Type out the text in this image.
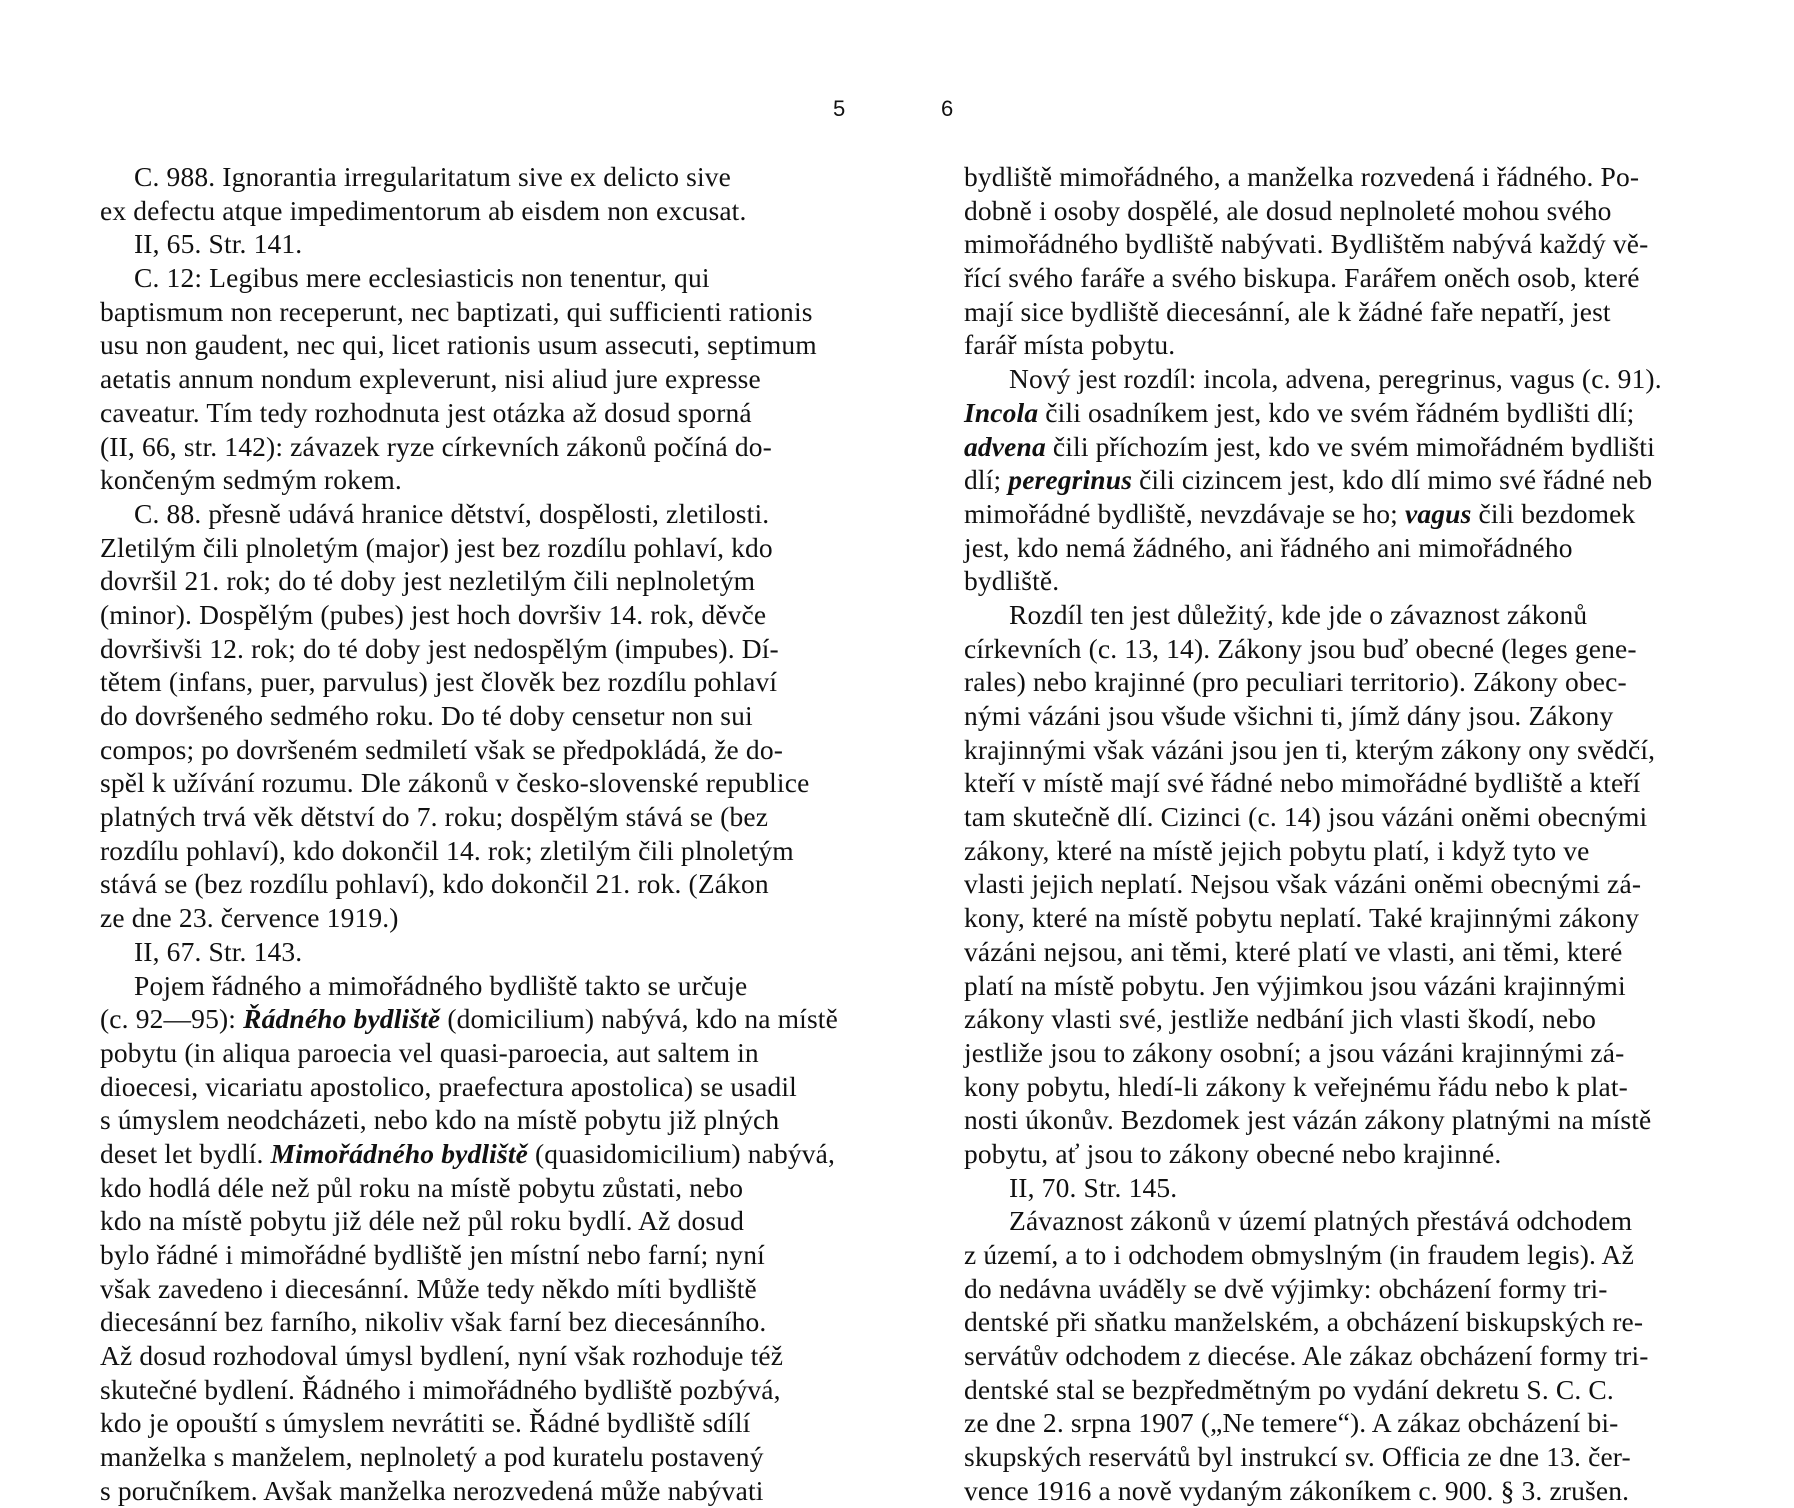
5
C. 988. Ignorantia irregularitatum sive ex delicto sive
ex defectu atque impedimentorum ab eisdem non excusat.
II, 65. Str. 141.
C. 12: Legibus mere ecclesiasticis non tenentur, qui
baptismum non receperunt, nec baptizati, qui sufficienti rationis
usu non gaudent, nec qui, licet rationis usum assecuti, septimum
aetatis annum nondum expleverunt, nisi aliud jure expresse
caveatur. Tím tedy rozhodnuta jest otázka až dosud sporná
(II, 66, str. 142): závazek ryze církevních zákonů počíná do-
končeným sedmým rokem.
C. 88. přesně udává hranice dětství, dospělosti, zletilosti.
Zletilým čili plnoletým (major) jest bez rozdílu pohlaví, kdo
dovršil 21. rok; do té doby jest nezletilým čili neplnoletým
(minor). Dospělým (pubes) jest hoch dovršiv 14. rok, děvče
dovršivši 12. rok; do té doby jest nedospělým (impubes). Dí-
tětem (infans, puer, parvulus) jest člověk bez rozdílu pohlaví
do dovršeného sedmého roku. Do té doby censetur non sui
compos; po dovršeném sedmiletí však se předpokládá, že do-
spěl k užívání rozumu. Dle zákonů v česko-slovenské republice
platných trvá věk dětství do 7. roku; dospělým stává se (bez
rozdílu pohlaví), kdo dokončil 14. rok; zletilým čili plnoletým
stává se (bez rozdílu pohlaví), kdo dokončil 21. rok. (Zákon
ze dne 23. července 1919.)
II, 67. Str. 143.
Pojem řádného a mimořádného bydliště takto se určuje
(c. 92—95): Řádného bydliště (domicilium) nabývá, kdo na místě
pobytu (in aliqua paroecia vel quasi-paroecia, aut saltem in
dioecesi, vicariatu apostolico, praefectura apostolica) se usadil
s úmyslem neodcházeti, nebo kdo na místě pobytu již plných
deset let bydlí. Mimořádného bydliště (quasidomicilium) nabývá,
kdo hodlá déle než půl roku na místě pobytu zůstati, nebo
kdo na místě pobytu již déle než půl roku bydlí. Až dosud
bylo řádné i mimořádné bydliště jen místní nebo farní; nyní
však zavedeno i diecesánní. Může tedy někdo míti bydliště
diecesánní bez farního, nikoliv však farní bez diecesánního.
Až dosud rozhodoval úmysl bydlení, nyní však rozhoduje též
skutečné bydlení. Řádného i mimořádného bydliště pozbývá,
kdo je opouští s úmyslem nevrátiti se. Řádné bydliště sdílí
manželka s manželem, neplnoletý a pod kuratelu postavený
s poručníkem. Avšak manželka nerozvedená může nabývati
6
bydliště mimořádného, a manželka rozvedená i řádného. Po-
dobně i osoby dospělé, ale dosud neplnoleté mohou svého
mimořádného bydliště nabývati. Bydlištěm nabývá každý vě-
řící svého faráře a svého biskupa. Farářem oněch osob, které
mají sice bydliště diecesánní, ale k žádné faře nepatří, jest
farář místa pobytu.
Nový jest rozdíl: incola, advena, peregrinus, vagus (c. 91).
Incola čili osadníkem jest, kdo ve svém řádném bydlišti dlí;
advena čili příchozím jest, kdo ve svém mimořádném bydlišti
dlí; peregrinus čili cizincem jest, kdo dlí mimo své řádné neb
mimořádné bydliště, nevzdávaje se ho; vagus čili bezdomek
jest, kdo nemá žádného, ani řádného ani mimořádného
bydliště.
Rozdíl ten jest důležitý, kde jde o závaznost zákonů
církevních (c. 13, 14). Zákony jsou buď obecné (leges gene-
rales) nebo krajinné (pro peculiari territorio). Zákony obec-
nými vázáni jsou všude všichni ti, jímž dány jsou. Zákony
krajinnými však vázáni jsou jen ti, kterým zákony ony svědčí,
kteří v místě mají své řádné nebo mimořádné bydliště a kteří
tam skutečně dlí. Cizinci (c. 14) jsou vázáni oněmi obecnými
zákony, které na místě jejich pobytu platí, i když tyto ve
vlasti jejich neplatí. Nejsou však vázáni oněmi obecnými zá-
kony, které na místě pobytu neplatí. Také krajinnými zákony
vázáni nejsou, ani těmi, které platí ve vlasti, ani těmi, které
platí na místě pobytu. Jen výjimkou jsou vázáni krajinnými
zákony vlasti své, jestliže nedbání jich vlasti škodí, nebo
jestliže jsou to zákony osobní; a jsou vázáni krajinnými zá-
kony pobytu, hledí-li zákony k veřejnému řádu nebo k plat-
nosti úkonův. Bezdomek jest vázán zákony platnými na místě
pobytu, ať jsou to zákony obecné nebo krajinné.
II, 70. Str. 145.
Závaznost zákonů v území platných přestává odchodem
z území, a to i odchodem obmyslným (in fraudem legis). Až
do nedávna uváděly se dvě výjimky: obcházení formy tri-
dentské při sňatku manželském, a obcházení biskupských re-
servátův odchodem z diecése. Ale zákaz obcházení formy tri-
dentské stal se bezpředmětným po vydání dekretu S. C. C.
ze dne 2. srpna 1907 („Ne temere“). A zákaz obcházení bi-
skupských reservátů byl instrukcí sv. Officia ze dne 13. čer-
vence 1916 a nově vydaným zákoníkem c. 900. § 3. zrušen.
